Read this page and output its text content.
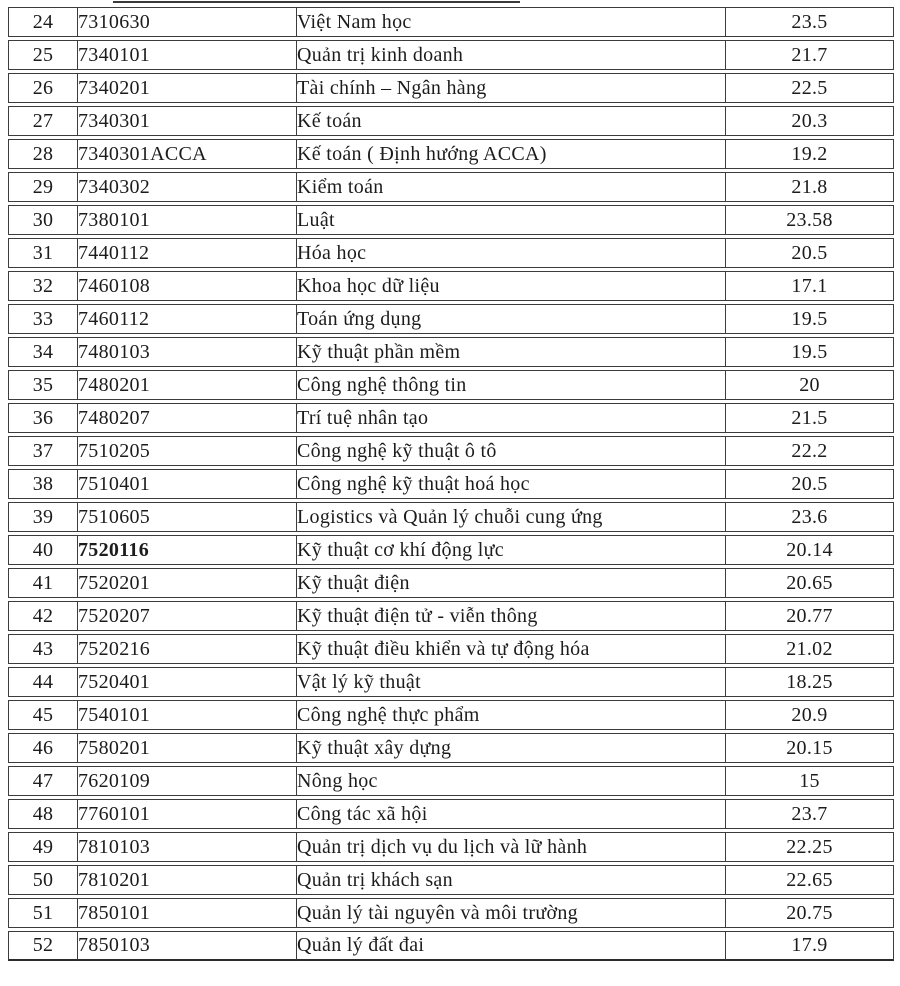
24	7310630	Việt Nam học	23.5
25	7340101	Quản trị kinh doanh	21.7
26	7340201	Tài chính – Ngân hàng	22.5
27	7340301	Kế toán	20.3
28	7340301ACCA	Kế toán ( Định hướng ACCA)	19.2
29	7340302	Kiểm toán	21.8
30	7380101	Luật	23.58
31	7440112	Hóa học	20.5
32	7460108	Khoa học dữ liệu	17.1
33	7460112	Toán ứng dụng	19.5
34	7480103	Kỹ thuật phần mềm	19.5
35	7480201	Công nghệ thông tin	20
36	7480207	Trí tuệ nhân tạo	21.5
37	7510205	Công nghệ kỹ thuật ô tô	22.2
38	7510401	Công nghệ kỹ thuật hoá học	20.5
39	7510605	Logistics và Quản lý chuỗi cung ứng	23.6
40	7520116	Kỹ thuật cơ khí động lực	20.14
41	7520201	Kỹ thuật điện	20.65
42	7520207	Kỹ thuật điện tử - viễn thông	20.77
43	7520216	Kỹ thuật điều khiển và tự động hóa	21.02
44	7520401	Vật lý kỹ thuật	18.25
45	7540101	Công nghệ thực phẩm	20.9
46	7580201	Kỹ thuật xây dựng	20.15
47	7620109	Nông học	15
48	7760101	Công tác xã hội	23.7
49	7810103	Quản trị dịch vụ du lịch và lữ hành	22.25
50	7810201	Quản trị khách sạn	22.65
51	7850101	Quản lý tài nguyên và môi trường	20.75
52	7850103	Quản lý đất đai	17.9
